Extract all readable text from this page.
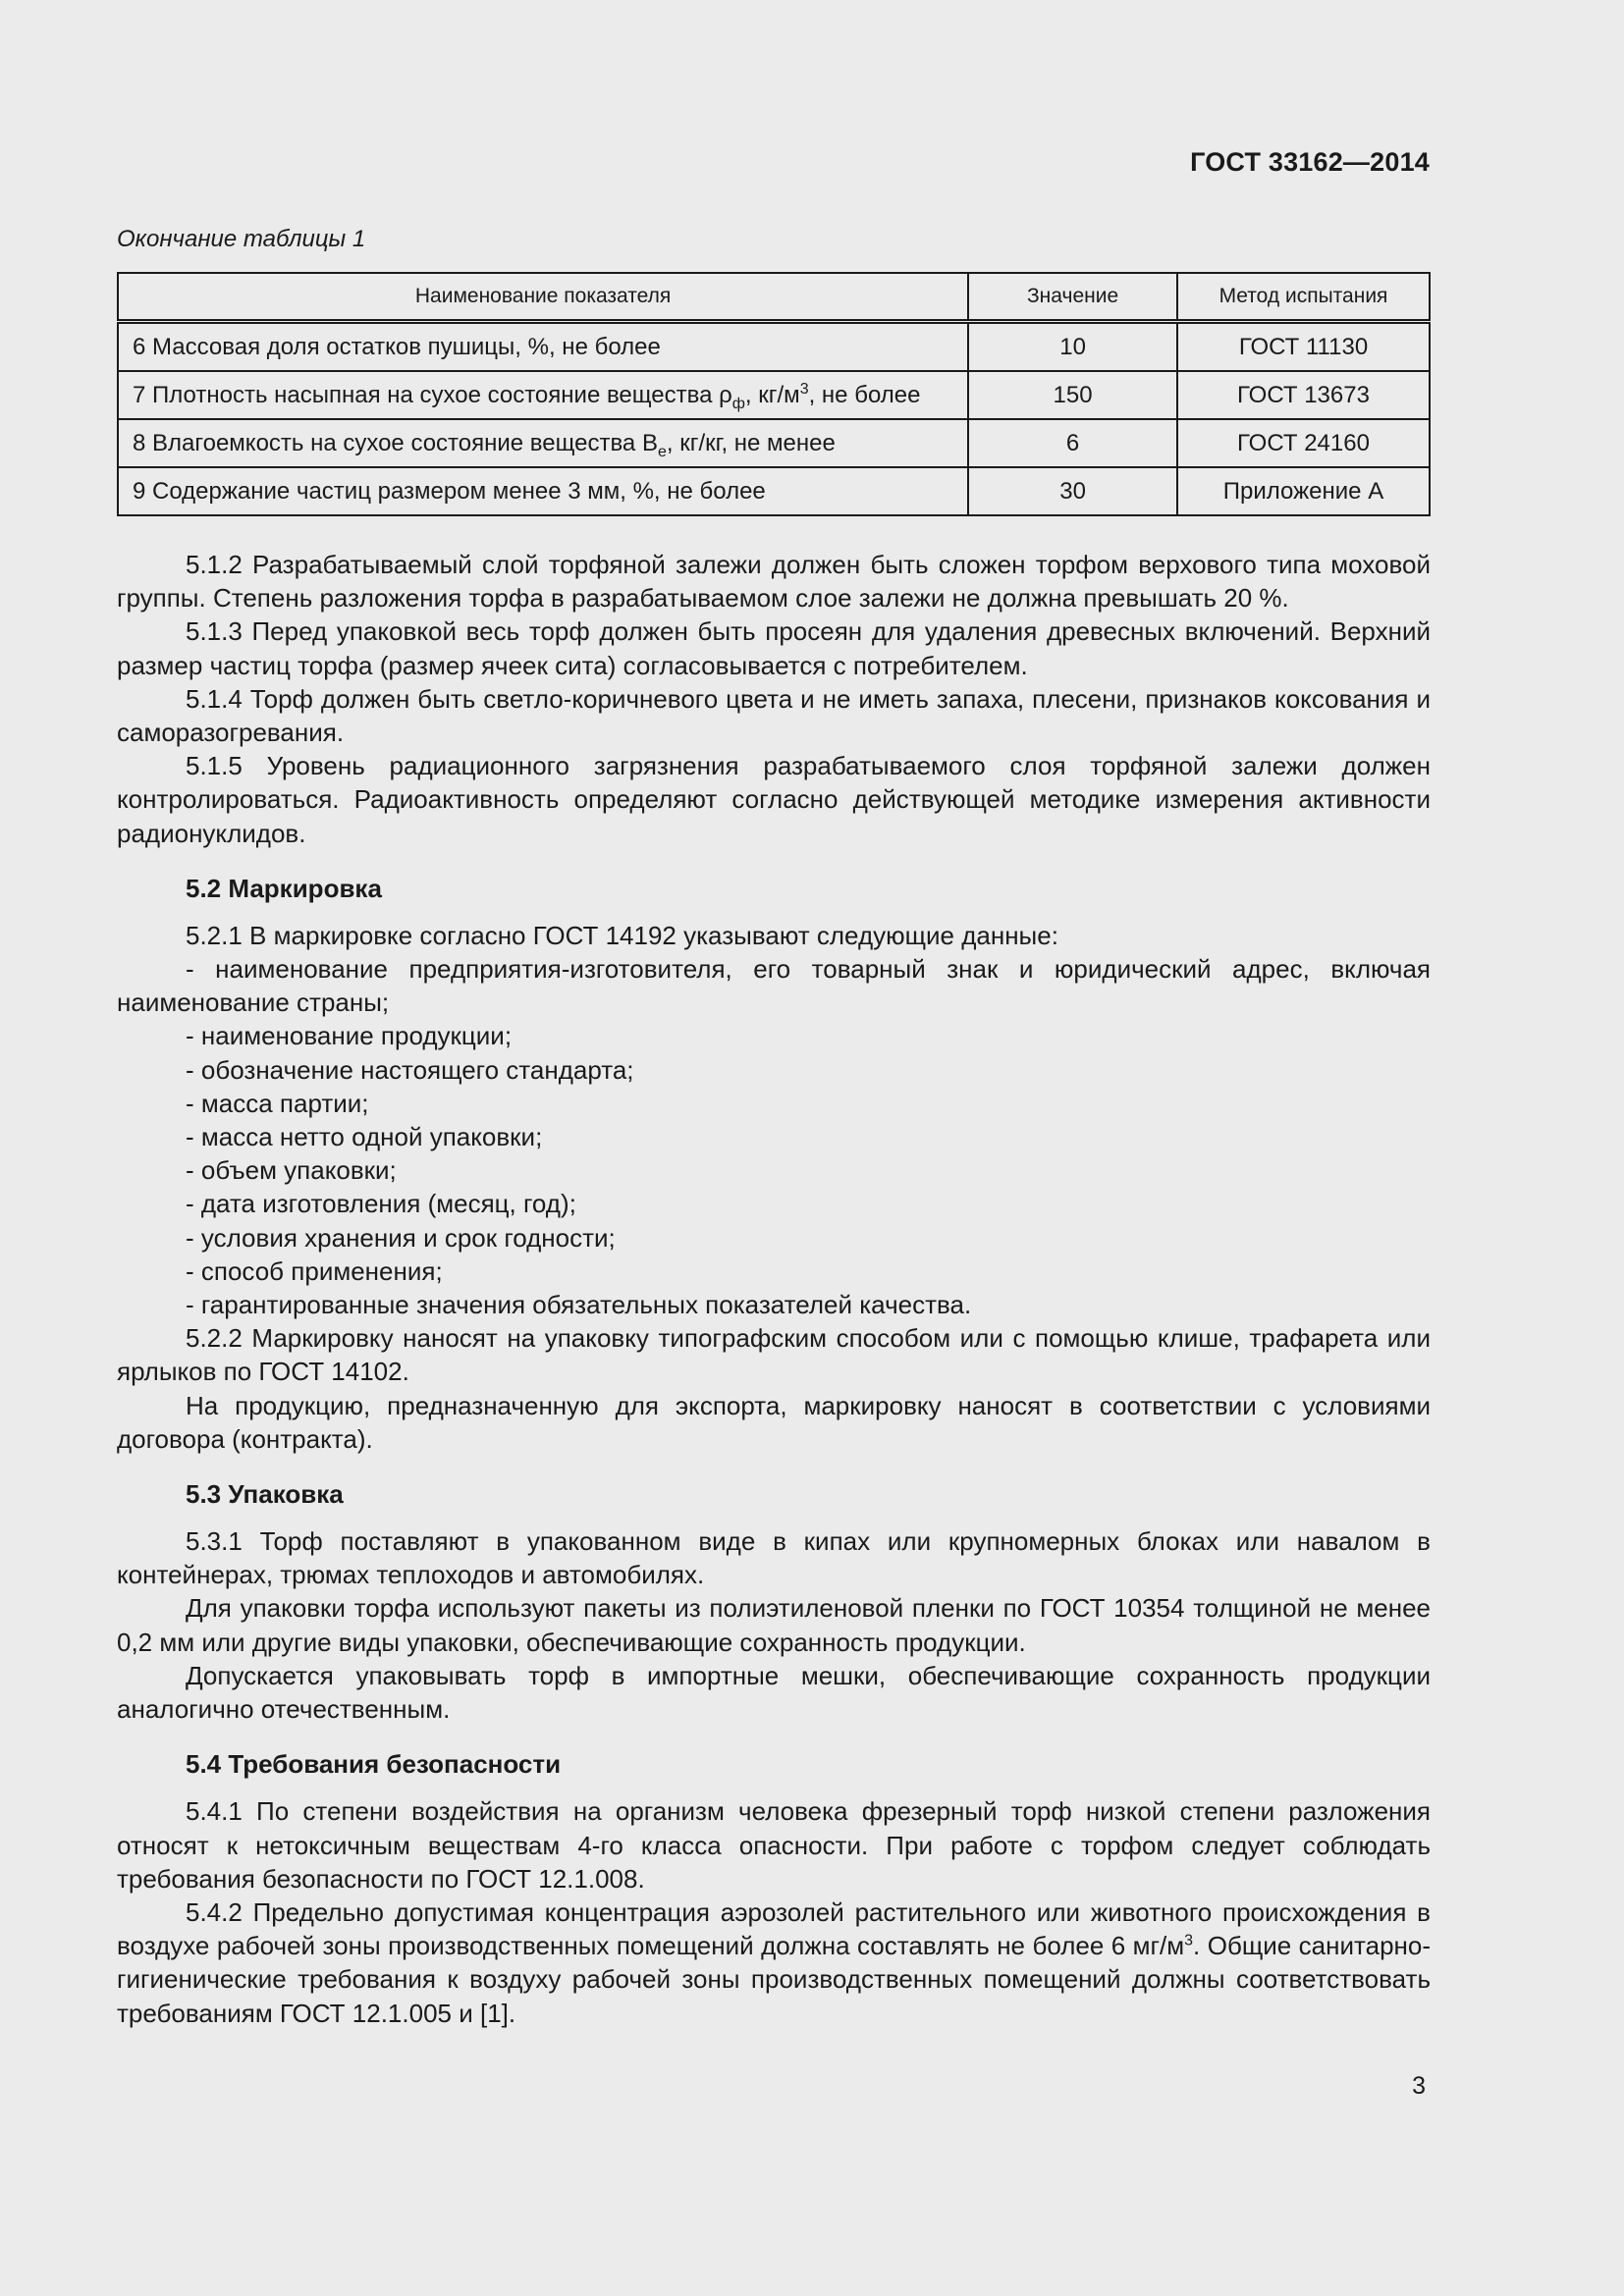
ГОСТ 33162—2014
Окончание таблицы 1
Наименование показателя	Значение	Метод испытания
6 Массовая доля остатков пушицы, %, не более	10	ГОСТ 11130
7 Плотность насыпная на сухое состояние вещества $\rho_ф$, $кг/м^3$, не более	150	ГОСТ 13673
8 Влагоемкость на сухое состояние вещества $B_e$, кг/кг, не менее	6	ГОСТ 24160
9 Содержание частиц размером менее 3 мм, %, не более	30	Приложение А

5.1.2 Разрабатываемый слой торфяной залежи должен быть сложен торфом верхового типа моховой группы. Степень разложения торфа в разрабатываемом слое залежи не должна превышать 20 %.

5.1.3 Перед упаковкой весь торф должен быть просеян для удаления древесных включений. Верхний размер частиц торфа (размер ячеек сита) согласовывается с потребителем.

5.1.4 Торф должен быть светло-коричневого цвета и не иметь запаха, плесени, признаков коксования и саморазогревания.

5.1.5 Уровень радиационного загрязнения разрабатываемого слоя торфяной залежи должен контролироваться. Радиоактивность определяют согласно действующей методике измерения активности радионуклидов.

5.2 Маркировка

5.2.1 В маркировке согласно ГОСТ 14192 указывают следующие данные:

- наименование предприятия-изготовителя, его товарный знак и юридический адрес, включая наименование страны;

- наименование продукции;

- обозначение настоящего стандарта;

- масса партии;

- масса нетто одной упаковки;

- объем упаковки;

- дата изготовления (месяц, год);

- условия хранения и срок годности;

- способ применения;

- гарантированные значения обязательных показателей качества.

5.2.2 Маркировку наносят на упаковку типографским способом или с помощью клише, трафарета или ярлыков по ГОСТ 14102.

На продукцию, предназначенную для экспорта, маркировку наносят в соответствии с условиями договора (контракта).

5.3 Упаковка

5.3.1 Торф поставляют в упакованном виде в кипах или крупномерных блоках или навалом в контейнерах, трюмах теплоходов и автомобилях.

Для упаковки торфа используют пакеты из полиэтиленовой пленки по ГОСТ 10354 толщиной не менее 0,2 мм или другие виды упаковки, обеспечивающие сохранность продукции.

Допускается упаковывать торф в импортные мешки, обеспечивающие сохранность продукции аналогично отечественным.

5.4 Требования безопасности

5.4.1 По степени воздействия на организм человека фрезерный торф низкой степени разложения относят к нетоксичным веществам 4-го класса опасности. При работе с торфом следует соблюдать требования безопасности по ГОСТ 12.1.008.

5.4.2 Предельно допустимая концентрация аэрозолей растительного или животного происхождения в воздухе рабочей зоны производственных помещений должна составлять не более 6 $мг/м^3$. Общие санитарно-гигиенические требования к воздуху рабочей зоны производственных помещений должны соответствовать требованиям ГОСТ 12.1.005 и [1].

3
